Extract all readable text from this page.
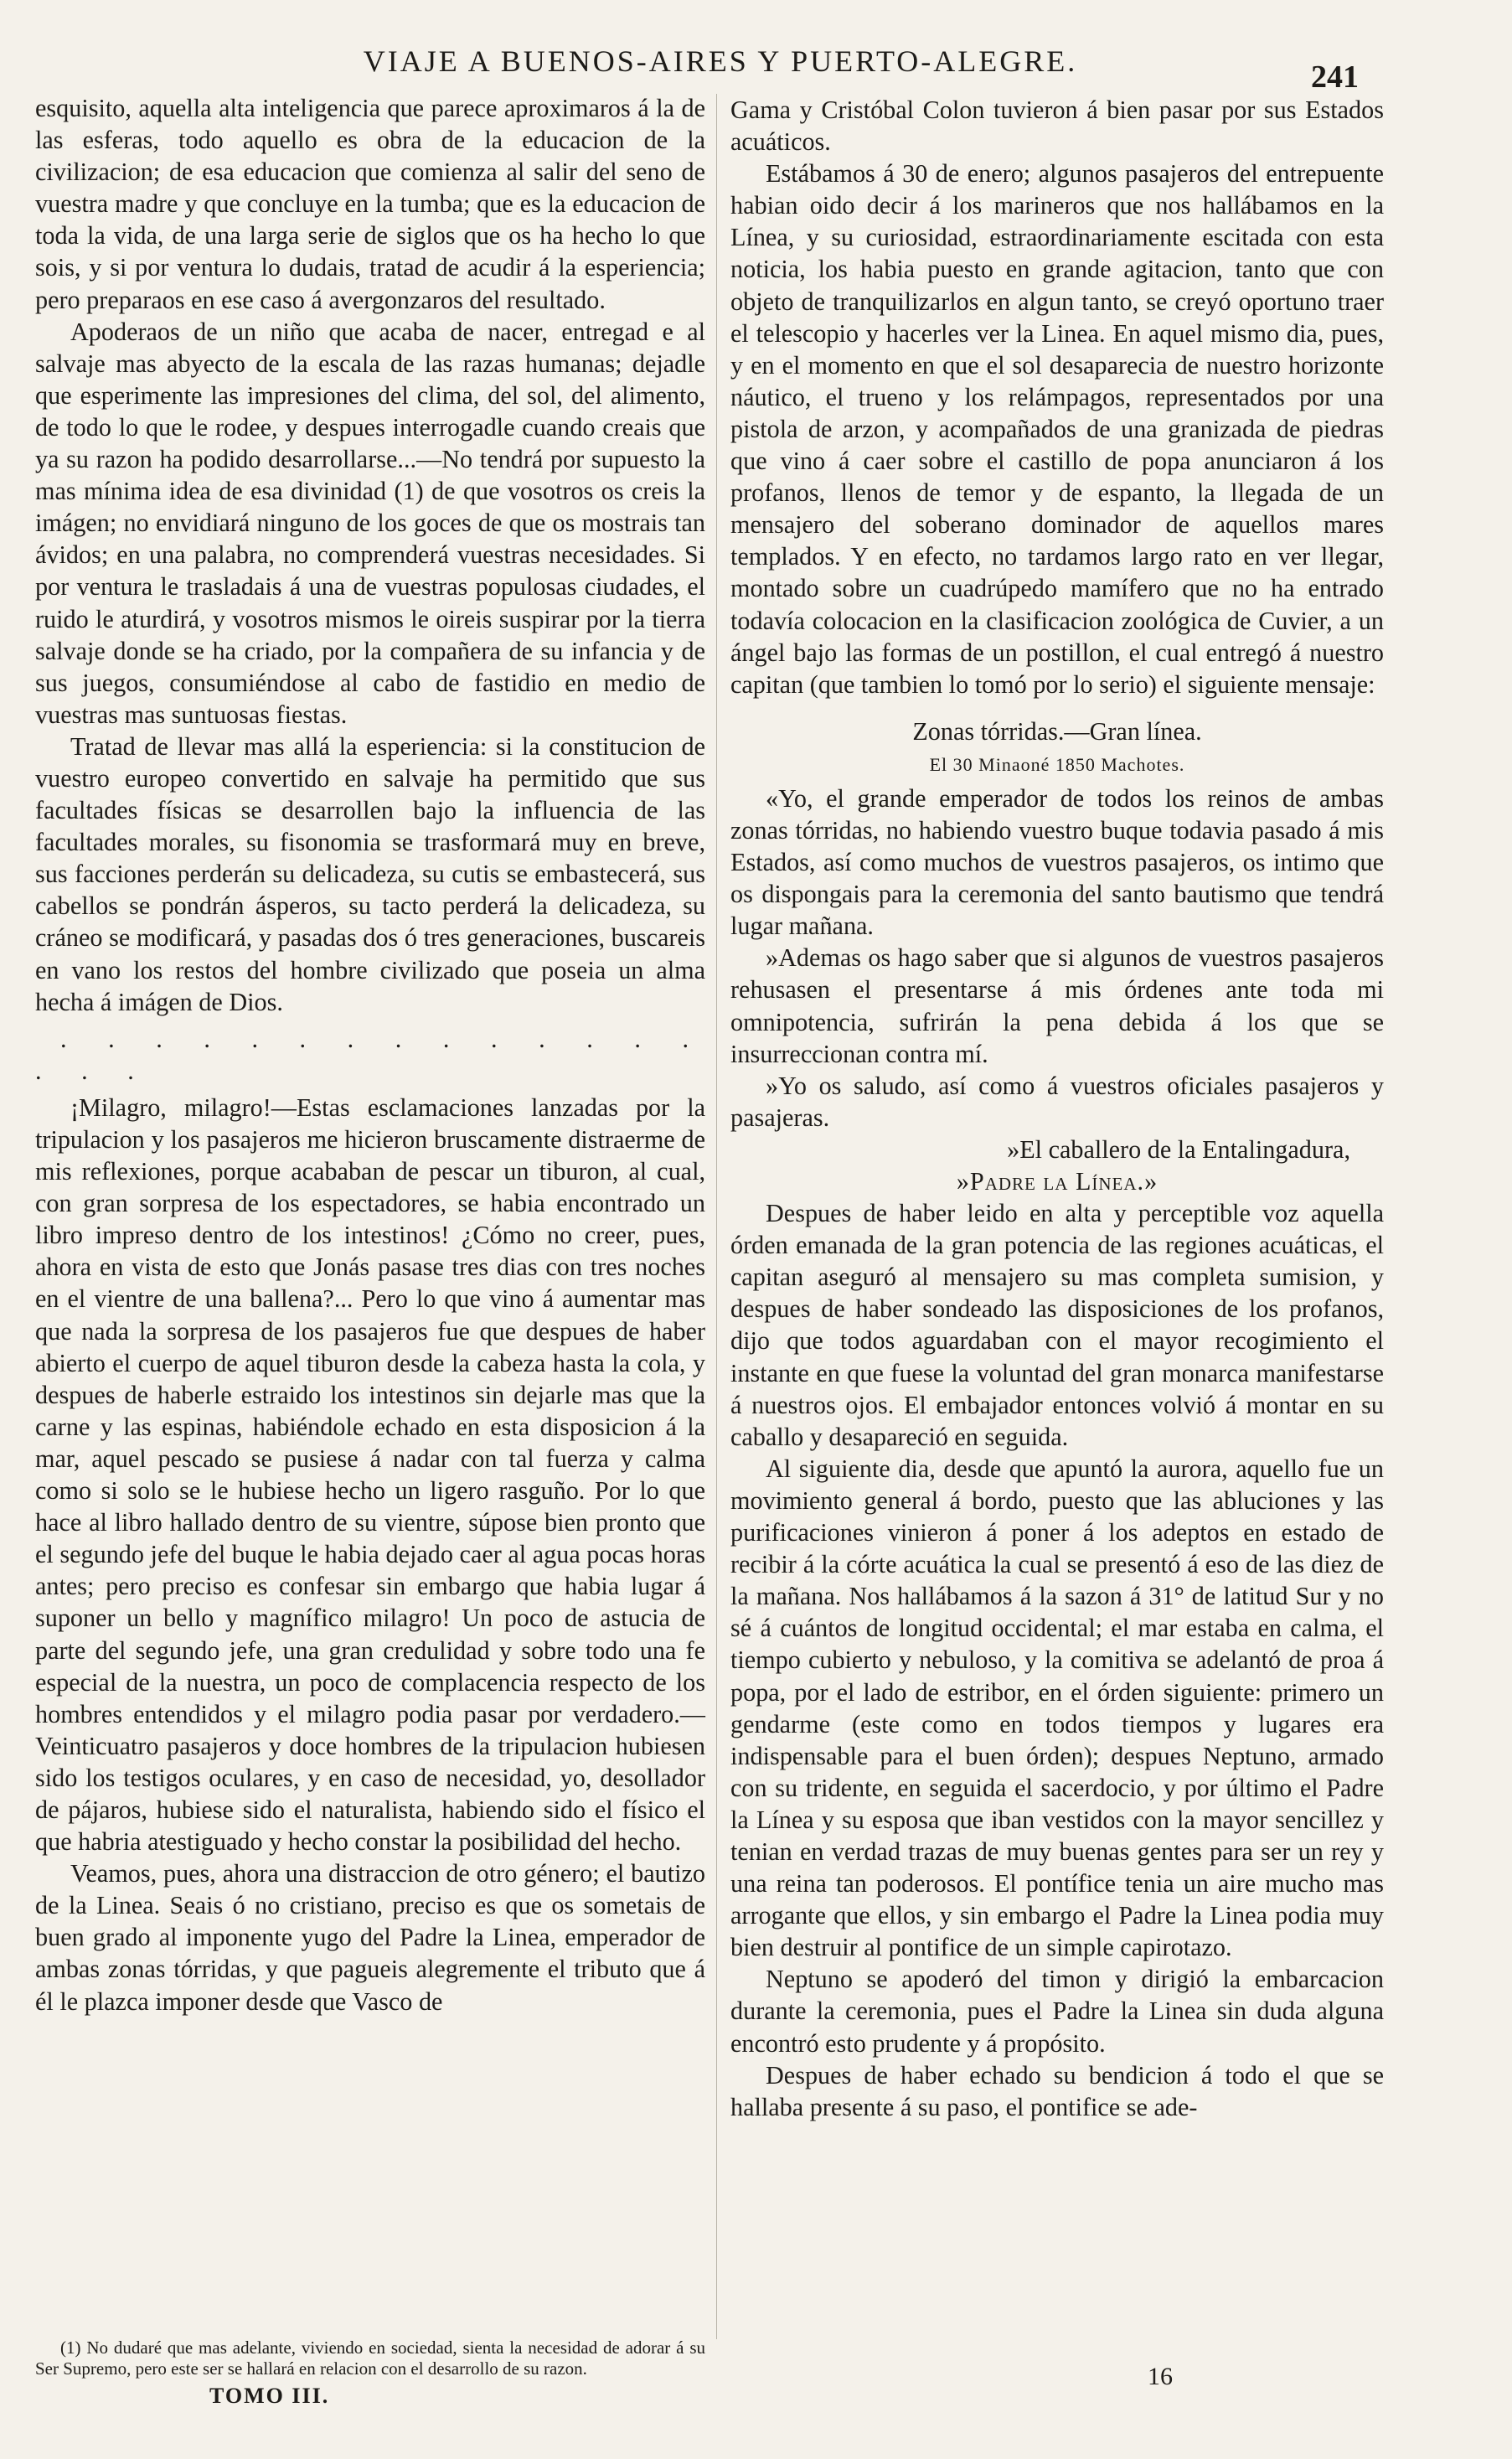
VIAJE A BUENOS-AIRES Y PUERTO-ALEGRE.	241

esquisito, aquella alta inteligencia que parece aproximaros á la de las esferas, todo aquello es obra de la educacion de la civilizacion; de esa educacion que comienza al salir del seno de vuestra madre y que concluye en la tumba; que es la educacion de toda la vida, de una larga serie de siglos que os ha hecho lo que sois, y si por ventura lo dudais, tratad de acudir á la esperiencia; pero preparaos en ese caso á avergonzaros del resultado.

Apoderaos de un niño que acaba de nacer, entregad e al salvaje mas abyecto de la escala de las razas humanas; dejadle que esperimente las impresiones del clima, del sol, del alimento, de todo lo que le rodee, y despues interrogadle cuando creais que ya su razon ha podido desarrollarse...—No tendrá por supuesto la mas mínima idea de esa divinidad (1) de que vosotros os creis la imágen; no envidiará ninguno de los goces de que os mostrais tan ávidos; en una palabra, no comprenderá vuestras necesidades. Si por ventura le trasladais á una de vuestras populosas ciudades, el ruido le aturdirá, y vosotros mismos le oireis suspirar por la tierra salvaje donde se ha criado, por la compañera de su infancia y de sus juegos, consumiéndose al cabo de fastidio en medio de vuestras mas suntuosas fiestas.

Tratad de llevar mas allá la esperiencia: si la constitucion de vuestro europeo convertido en salvaje ha permitido que sus facultades físicas se desarrollen bajo la influencia de las facultades morales, su fisonomia se trasformará muy en breve, sus facciones perderán su delicadeza, su cutis se embastecerá, sus cabellos se pondrán ásperos, su tacto perderá la delicadeza, su cráneo se modificará, y pasadas dos ó tres generaciones, buscareis en vano los restos del hombre civilizado que poseia un alma hecha á imágen de Dios.

. . . . . . . . . . . . . . . . .

¡Milagro, milagro!—Estas esclamaciones lanzadas por la tripulacion y los pasajeros me hicieron bruscamente distraerme de mis reflexiones, porque acababan de pescar un tiburon, al cual, con gran sorpresa de los espectadores, se habia encontrado un libro impreso dentro de los intestinos! ¿Cómo no creer, pues, ahora en vista de esto que Jonás pasase tres dias con tres noches en el vientre de una ballena?... Pero lo que vino á aumentar mas que nada la sorpresa de los pasajeros fue que despues de haber abierto el cuerpo de aquel tiburon desde la cabeza hasta la cola, y despues de haberle estraido los intestinos sin dejarle mas que la carne y las espinas, habiéndole echado en esta disposicion á la mar, aquel pescado se pusiese á nadar con tal fuerza y calma como si solo se le hubiese hecho un ligero rasguño. Por lo que hace al libro hallado dentro de su vientre, súpose bien pronto que el segundo jefe del buque le habia dejado caer al agua pocas horas antes; pero preciso es confesar sin embargo que habia lugar á suponer un bello y magnífico milagro! Un poco de astucia de parte del segundo jefe, una gran credulidad y sobre todo una fe especial de la nuestra, un poco de complacencia respecto de los hombres entendidos y el milagro podia pasar por verdadero.—Veinticuatro pasajeros y doce hombres de la tripulacion hubiesen sido los testigos oculares, y en caso de necesidad, yo, desollador de pájaros, hubiese sido el naturalista, habiendo sido el físico el que habria atestiguado y hecho constar la posibilidad del hecho.

Veamos, pues, ahora una distraccion de otro género; el bautizo de la Linea. Seais ó no cristiano, preciso es que os sometais de buen grado al imponente yugo del Padre la Linea, emperador de ambas zonas tórridas, y que pagueis alegremente el tributo que á él le plazca imponer desde que Vasco de

(1) No dudaré que mas adelante, viviendo en sociedad, sienta la necesidad de adorar á su Ser Supremo, pero este ser se hallará en relacion con el desarrollo de su razon.

TOMO III.

Gama y Cristóbal Colon tuvieron á bien pasar por sus Estados acuáticos.

Estábamos á 30 de enero; algunos pasajeros del entrepuente habian oido decir á los marineros que nos hallábamos en la Línea, y su curiosidad, estraordinariamente escitada con esta noticia, los habia puesto en grande agitacion, tanto que con objeto de tranquilizarlos en algun tanto, se creyó oportuno traer el telescopio y hacerles ver la Linea. En aquel mismo dia, pues, y en el momento en que el sol desaparecia de nuestro horizonte náutico, el trueno y los relámpagos, representados por una pistola de arzon, y acompañados de una granizada de piedras que vino á caer sobre el castillo de popa anunciaron á los profanos, llenos de temor y de espanto, la llegada de un mensajero del soberano dominador de aquellos mares templados. Y en efecto, no tardamos largo rato en ver llegar, montado sobre un cuadrúpedo mamífero que no ha entrado todavía colocacion en la clasificacion zoológica de Cuvier, a un ángel bajo las formas de un postillon, el cual entregó á nuestro capitan (que tambien lo tomó por lo serio) el siguiente mensaje:

Zonas tórridas.—Gran línea.

El 30 Minaoné 1850 Machotes.

«Yo, el grande emperador de todos los reinos de ambas zonas tórridas, no habiendo vuestro buque todavia pasado á mis Estados, así como muchos de vuestros pasajeros, os intimo que os dispongais para la ceremonia del santo bautismo que tendrá lugar mañana.

»Ademas os hago saber que si algunos de vuestros pasajeros rehusasen el presentarse á mis órdenes ante toda mi omnipotencia, sufrirán la pena debida á los que se insurreccionan contra mí.

»Yo os saludo, así como á vuestros oficiales pasajeros y pasajeras.

»El caballero de la Entalingadura,

»Padre la Línea.»

Despues de haber leido en alta y perceptible voz aquella órden emanada de la gran potencia de las regiones acuáticas, el capitan aseguró al mensajero su mas completa sumision, y despues de haber sondeado las disposiciones de los profanos, dijo que todos aguardaban con el mayor recogimiento el instante en que fuese la voluntad del gran monarca manifestarse á nuestros ojos. El embajador entonces volvió á montar en su caballo y desapareció en seguida.

Al siguiente dia, desde que apuntó la aurora, aquello fue un movimiento general á bordo, puesto que las abluciones y las purificaciones vinieron á poner á los adeptos en estado de recibir á la córte acuática la cual se presentó á eso de las diez de la mañana. Nos hallábamos á la sazon á 31° de latitud Sur y no sé á cuántos de longitud occidental; el mar estaba en calma, el tiempo cubierto y nebuloso, y la comitiva se adelantó de proa á popa, por el lado de estribor, en el órden siguiente: primero un gendarme (este como en todos tiempos y lugares era indispensable para el buen órden); despues Neptuno, armado con su tridente, en seguida el sacerdocio, y por último el Padre la Línea y su esposa que iban vestidos con la mayor sencillez y tenian en verdad trazas de muy buenas gentes para ser un rey y una reina tan poderosos. El pontífice tenia un aire mucho mas arrogante que ellos, y sin embargo el Padre la Linea podia muy bien destruir al pontifice de un simple capirotazo.

Neptuno se apoderó del timon y dirigió la embarcacion durante la ceremonia, pues el Padre la Linea sin duda alguna encontró esto prudente y á propósito.

Despues de haber echado su bendicion á todo el que se hallaba presente á su paso, el pontifice se ade-

16
